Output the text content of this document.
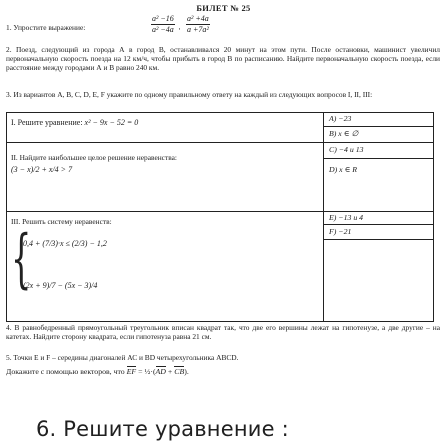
БИЛЕТ № 25
1. Упростите выражение:	$\frac{\text{a² −16}}{\text{a² −4a}} \cdot \frac{\text{a² +4a}}{\text{a +7a²}}$
2. Поезд, следующий из города А в город В, останавливался 20 минут на этом пути. После остановки, машинист увеличил первоначальную скорость поезда на 12 км/ч, чтобы прибыть в город В по расписанию. Найдите первоначальную скорость поезда, если расстояние между городами А и В равно 240 км.
3. Из вариантов А, В, С, D, Е, F укажите по одному правильному ответу на каждый из следующих вопросов I, II, III:
I. Решите уравнение: x² − 9x − 52 = 0
II. Найдите наибольшее целое решение неравенства:
(3 − x)/2 + x/4 > 7
III. Решить систему неравенств:
{
0,4 + (7/3)·x ≤ (2/3) − 1,2
(2x + 9)/7 − (5x − 3)/4
A) −23
B) x ∈ ∅
C) −4 и 13
D) x ∈ R
E) −13 и 4
F) −21
4. В равнобедренный прямоугольный треугольник вписан квадрат так, что две его вершины лежат на гипотенузе, а две другие – на катетах. Найдите сторону квадрата, если гипотенуза равна 21 см.
5. Точки Е и F – середины диагоналей АС и BD четырехугольника ABCD.
Докажите с помощью векторов, что EF = ½·(AD + CB).
6. Решите уравнение :
